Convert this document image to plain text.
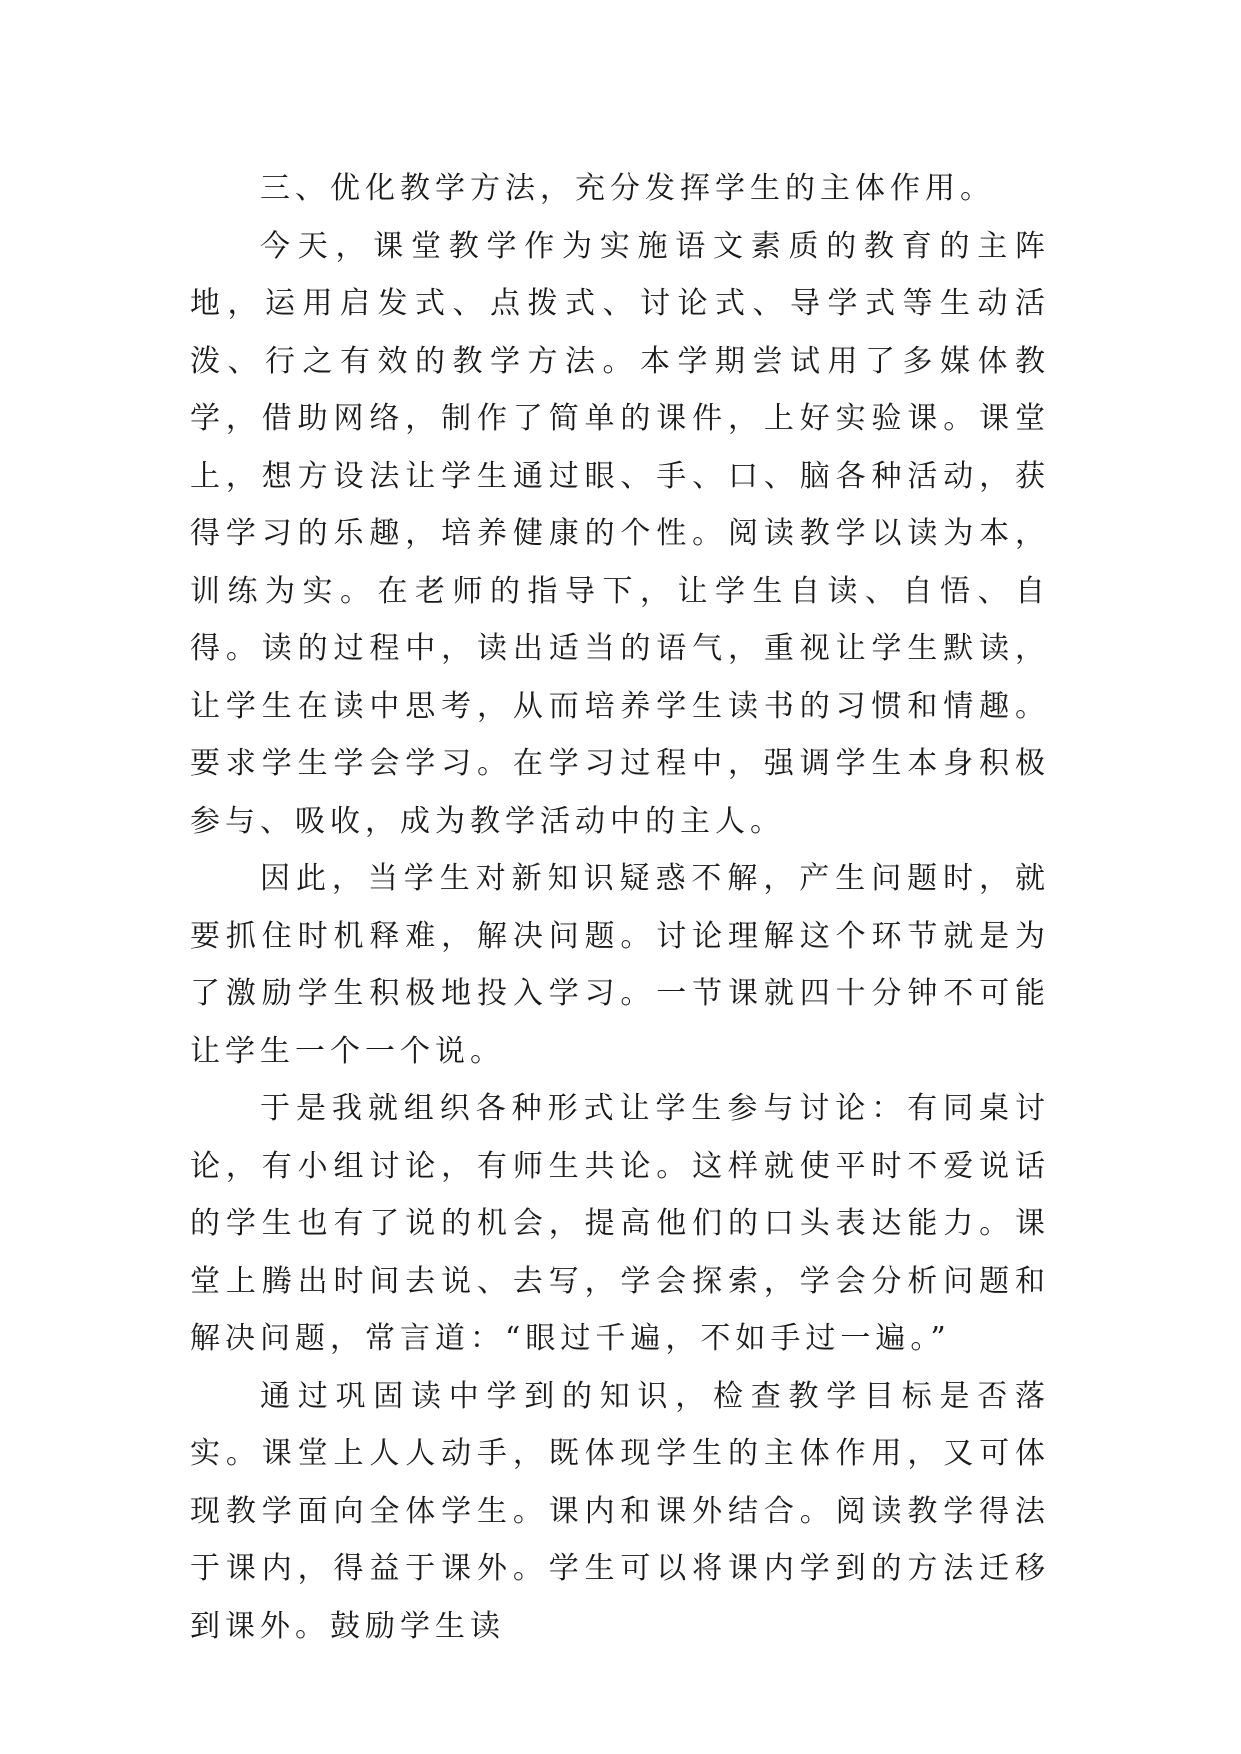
三、优化教学方法，充分发挥学生的主体作用。

今天，课堂教学作为实施语文素质的教育的主阵地，运用启发式、点拨式、讨论式、导学式等生动活泼、行之有效的教学方法。本学期尝试用了多媒体教学，借助网络，制作了简单的课件，上好实验课。课堂上，想方设法让学生通过眼、手、口、脑各种活动，获得学习的乐趣，培养健康的个性。阅读教学以读为本，训练为实。在老师的指导下，让学生自读、自悟、自得。读的过程中，读出适当的语气，重视让学生默读，让学生在读中思考，从而培养学生读书的习惯和情趣。要求学生学会学习。在学习过程中，强调学生本身积极参与、吸收，成为教学活动中的主人。

因此，当学生对新知识疑惑不解，产生问题时，就要抓住时机释难，解决问题。讨论理解这个环节就是为了激励学生积极地投入学习。一节课就四十分钟不可能让学生一个一个说。

于是我就组织各种形式让学生参与讨论：有同桌讨论，有小组讨论，有师生共论。这样就使平时不爱说话的学生也有了说的机会，提高他们的口头表达能力。课堂上腾出时间去说、去写，学会探索，学会分析问题和解决问题，常言道：“眼过千遍，不如手过一遍。”

通过巩固读中学到的知识，检查教学目标是否落实。课堂上人人动手，既体现学生的主体作用，又可体现教学面向全体学生。课内和课外结合。阅读教学得法于课内，得益于课外。学生可以将课内学到的方法迁移到课外。鼓励学生读
